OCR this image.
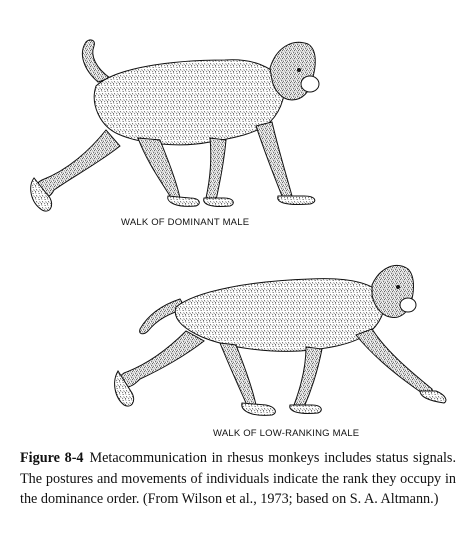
WALK OF DOMINANT MALE
WALK OF LOW-RANKING MALE
Figure 8-4 Metacommunication in rhesus monkeys includes status signals. The postures and movements of individuals indicate the rank they occupy in the dominance order. (From Wilson et al., 1973; based on S. A. Altmann.)
